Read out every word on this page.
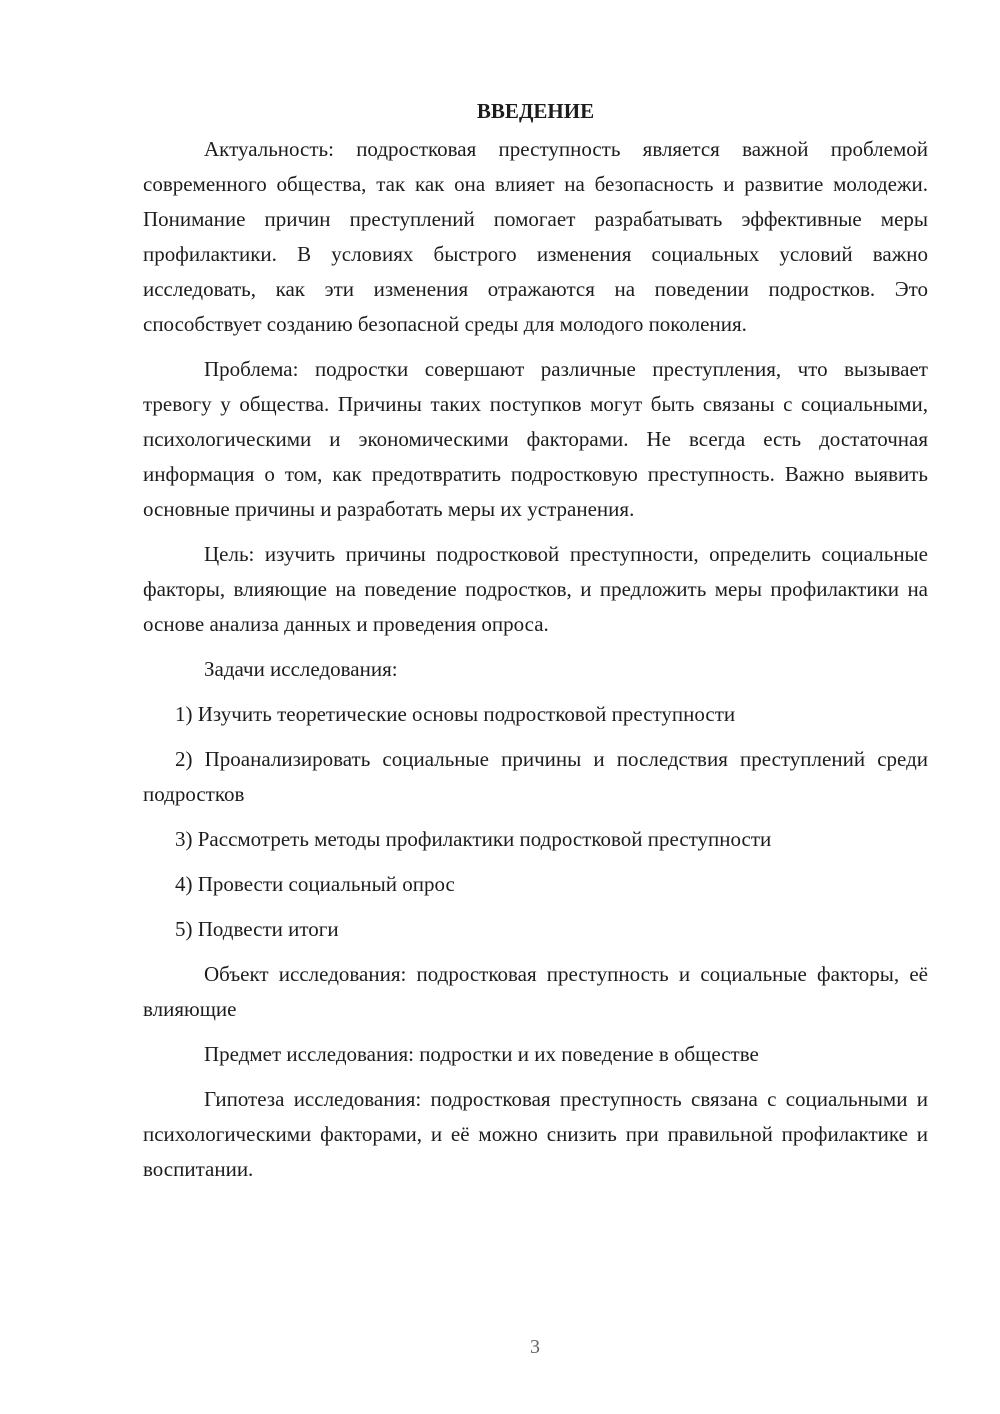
ВВЕДЕНИЕ

Актуальность: подростковая преступность является важной проблемой современного общества, так как она влияет на безопасность и развитие молодежи. Понимание причин преступлений помогает разрабатывать эффективные меры профилактики. В условиях быстрого изменения социальных условий важно исследовать, как эти изменения отражаются на поведении подростков. Это способствует созданию безопасной среды для молодого поколения.

Проблема: подростки совершают различные преступления, что вызывает тревогу у общества. Причины таких поступков могут быть связаны с социальными, психологическими и экономическими факторами. Не всегда есть достаточная информация о том, как предотвратить подростковую преступность. Важно выявить основные причины и разработать меры их устранения.

Цель: изучить причины подростковой преступности, определить социальные факторы, влияющие на поведение подростков, и предложить меры профилактики на основе анализа данных и проведения опроса.

Задачи исследования:

1) Изучить теоретические основы подростковой преступности

2) Проанализировать социальные причины и последствия преступлений среди подростков

3) Рассмотреть методы профилактики подростковой преступности

4) Провести социальный опрос

5) Подвести итоги

Объект исследования: подростковая преступность и социальные факторы, её влияющие

Предмет исследования: подростки и их поведение в обществе

Гипотеза исследования: подростковая преступность связана с социальными и психологическими факторами, и её можно снизить при правильной профилактике и воспитании.

3
